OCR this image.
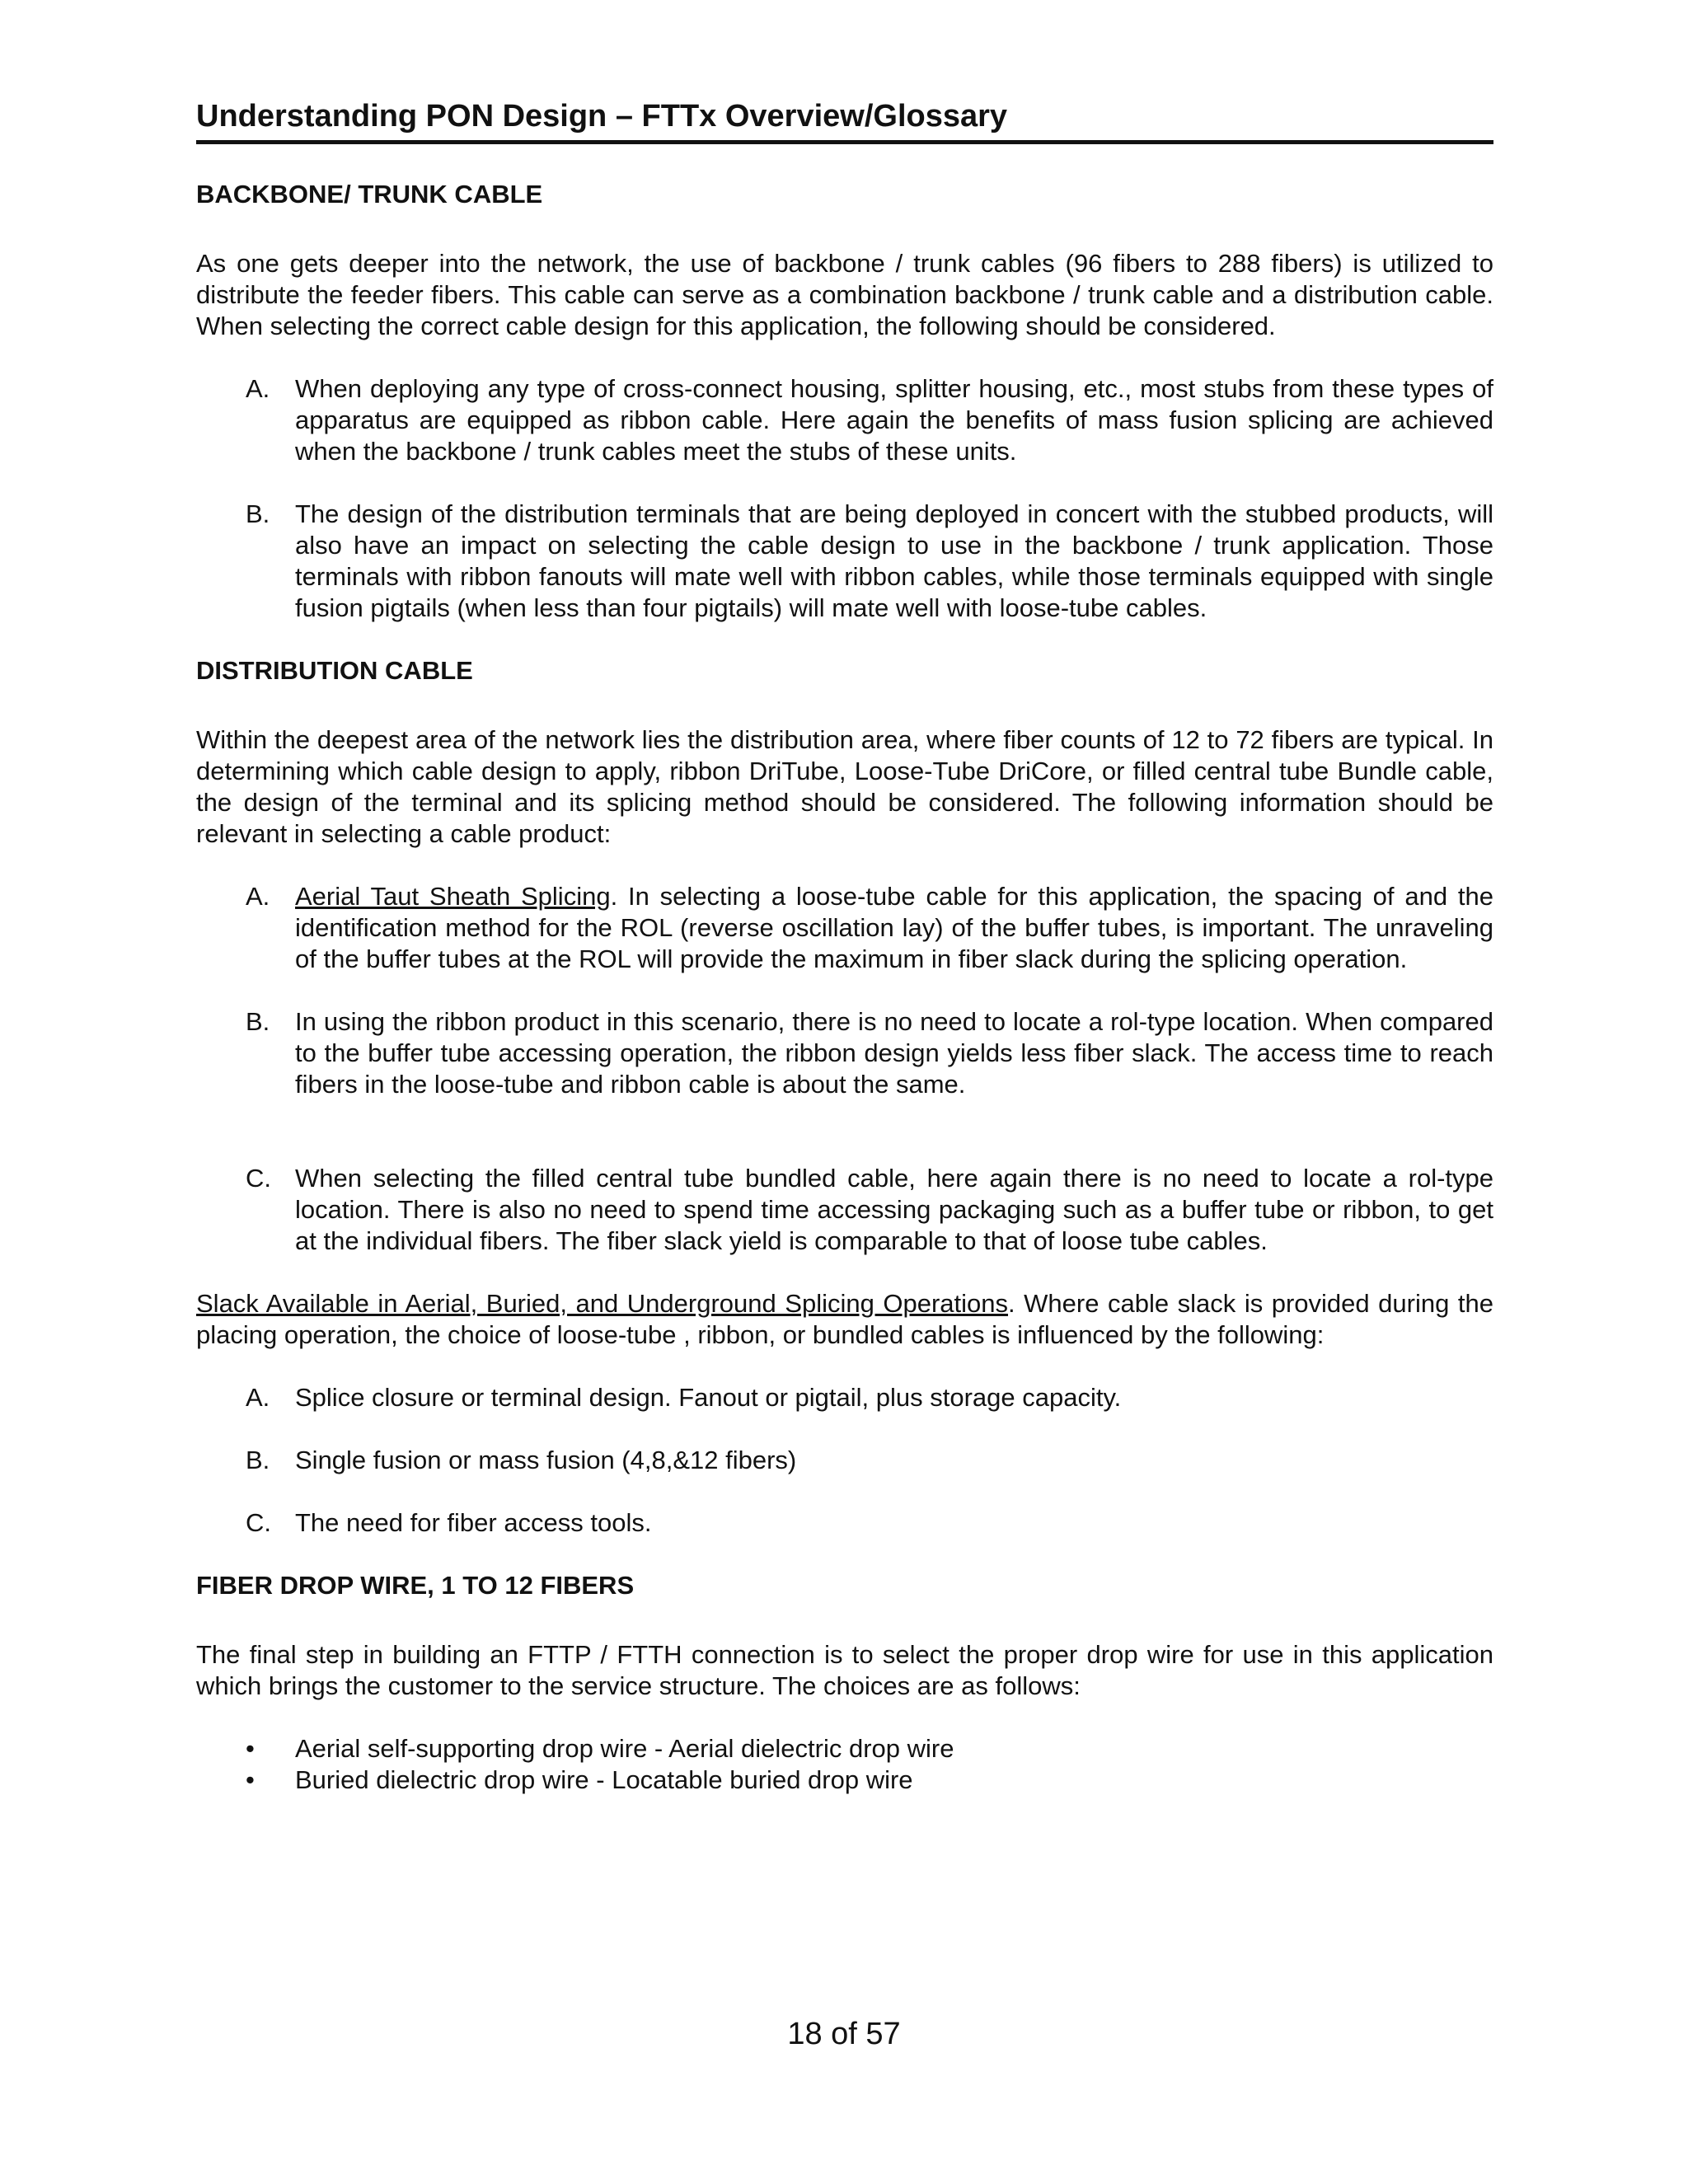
Understanding PON Design – FTTx Overview/Glossary
BACKBONE/ TRUNK CABLE

As one gets deeper into the network, the use of backbone / trunk cables (96 fibers to 288 fibers) is utilized to distribute the feeder fibers. This cable can serve as a combination backbone / trunk cable and a distribution cable. When selecting the correct cable design for this application, the following should be considered.

A. When deploying any type of cross-connect housing, splitter housing, etc., most stubs from these types of apparatus are equipped as ribbon cable. Here again the benefits of mass fusion splicing are achieved when the backbone / trunk cables meet the stubs of these units.
B. The design of the distribution terminals that are being deployed in concert with the stubbed products, will also have an impact on selecting the cable design to use in the backbone / trunk application. Those terminals with ribbon fanouts will mate well with ribbon cables, while those terminals equipped with single fusion pigtails (when less than four pigtails) will mate well with loose-tube cables.
DISTRIBUTION CABLE

Within the deepest area of the network lies the distribution area, where fiber counts of 12 to 72 fibers are typical. In determining which cable design to apply, ribbon DriTube, Loose-Tube DriCore, or filled central tube Bundle cable, the design of the terminal and its splicing method should be considered. The following information should be relevant in selecting a cable product:

A. Aerial Taut Sheath Splicing. In selecting a loose-tube cable for this application, the spacing of and the identification method for the ROL (reverse oscillation lay) of the buffer tubes, is important. The unraveling of the buffer tubes at the ROL will provide the maximum in fiber slack during the splicing operation.
B. In using the ribbon product in this scenario, there is no need to locate a rol-type location. When compared to the buffer tube accessing operation, the ribbon design yields less fiber slack. The access time to reach fibers in the loose-tube and ribbon cable is about the same.
C. When selecting the filled central tube bundled cable, here again there is no need to locate a rol-type location. There is also no need to spend time accessing packaging such as a buffer tube or ribbon, to get at the individual fibers. The fiber slack yield is comparable to that of loose tube cables.

Slack Available in Aerial, Buried, and Underground Splicing Operations. Where cable slack is provided during the placing operation, the choice of loose-tube , ribbon, or bundled cables is influenced by the following:

A. Splice closure or terminal design. Fanout or pigtail, plus storage capacity.
B. Single fusion or mass fusion (4,8,&12 fibers)
C. The need for fiber access tools.
FIBER DROP WIRE, 1 TO 12 FIBERS

The final step in building an FTTP / FTTH connection is to select the proper drop wire for use in this application which brings the customer to the service structure. The choices are as follows:

•	Aerial self-supporting drop wire - Aerial dielectric drop wire
•	Buried dielectric drop wire - Locatable buried drop wire
18 of 57
